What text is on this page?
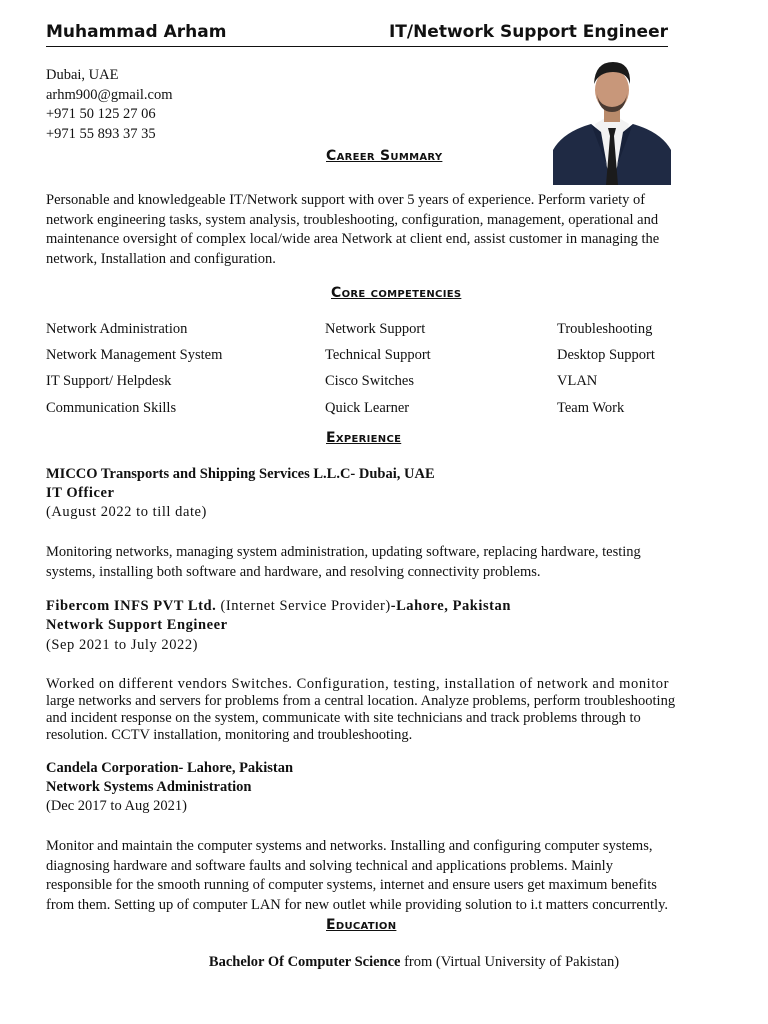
Muhammad Arham	IT/Network Support Engineer
Dubai, UAE
arhm900@gmail.com
+971 50 125 27 06
+971 55 893 37 35
Career Summary
Personable and knowledgeable IT/Network support with over 5 years of experience. Perform variety of
network engineering tasks, system analysis, troubleshooting, configuration, management, operational and
maintenance oversight of complex local/wide area Network at client end, assist customer in managing the
network, Installation and configuration.
Core competencies
Network Administration	Network Support	Troubleshooting
Network Management System	Technical Support	Desktop Support
IT Support/ Helpdesk	Cisco Switches	VLAN
Communication Skills	Quick Learner	Team Work
Experience
MICCO Transports and Shipping Services L.L.C- Dubai, UAE
IT Officer
(August 2022 to till date)
Monitoring networks, managing system administration, updating software, replacing hardware, testing
systems, installing both software and hardware, and resolving connectivity problems.
Fibercom INFS PVT Ltd. (Internet Service Provider)-Lahore, Pakistan
Network Support Engineer
(Sep 2021 to July 2022)
Worked on different vendors Switches. Configuration, testing, installation of network and monitor
large networks and servers for problems from a central location. Analyze problems, perform troubleshooting
and incident response on the system, communicate with site technicians and track problems through to
resolution. CCTV installation, monitoring and troubleshooting.
Candela Corporation- Lahore, Pakistan
Network Systems Administration
(Dec 2017 to Aug 2021)
Monitor and maintain the computer systems and networks. Installing and configuring computer systems,
diagnosing hardware and software faults and solving technical and applications problems. Mainly
responsible for the smooth running of computer systems, internet and ensure users get maximum benefits
from them. Setting up of computer LAN for new outlet while providing solution to i.t matters concurrently.
Education
Bachelor Of Computer Science from (Virtual University of Pakistan)
